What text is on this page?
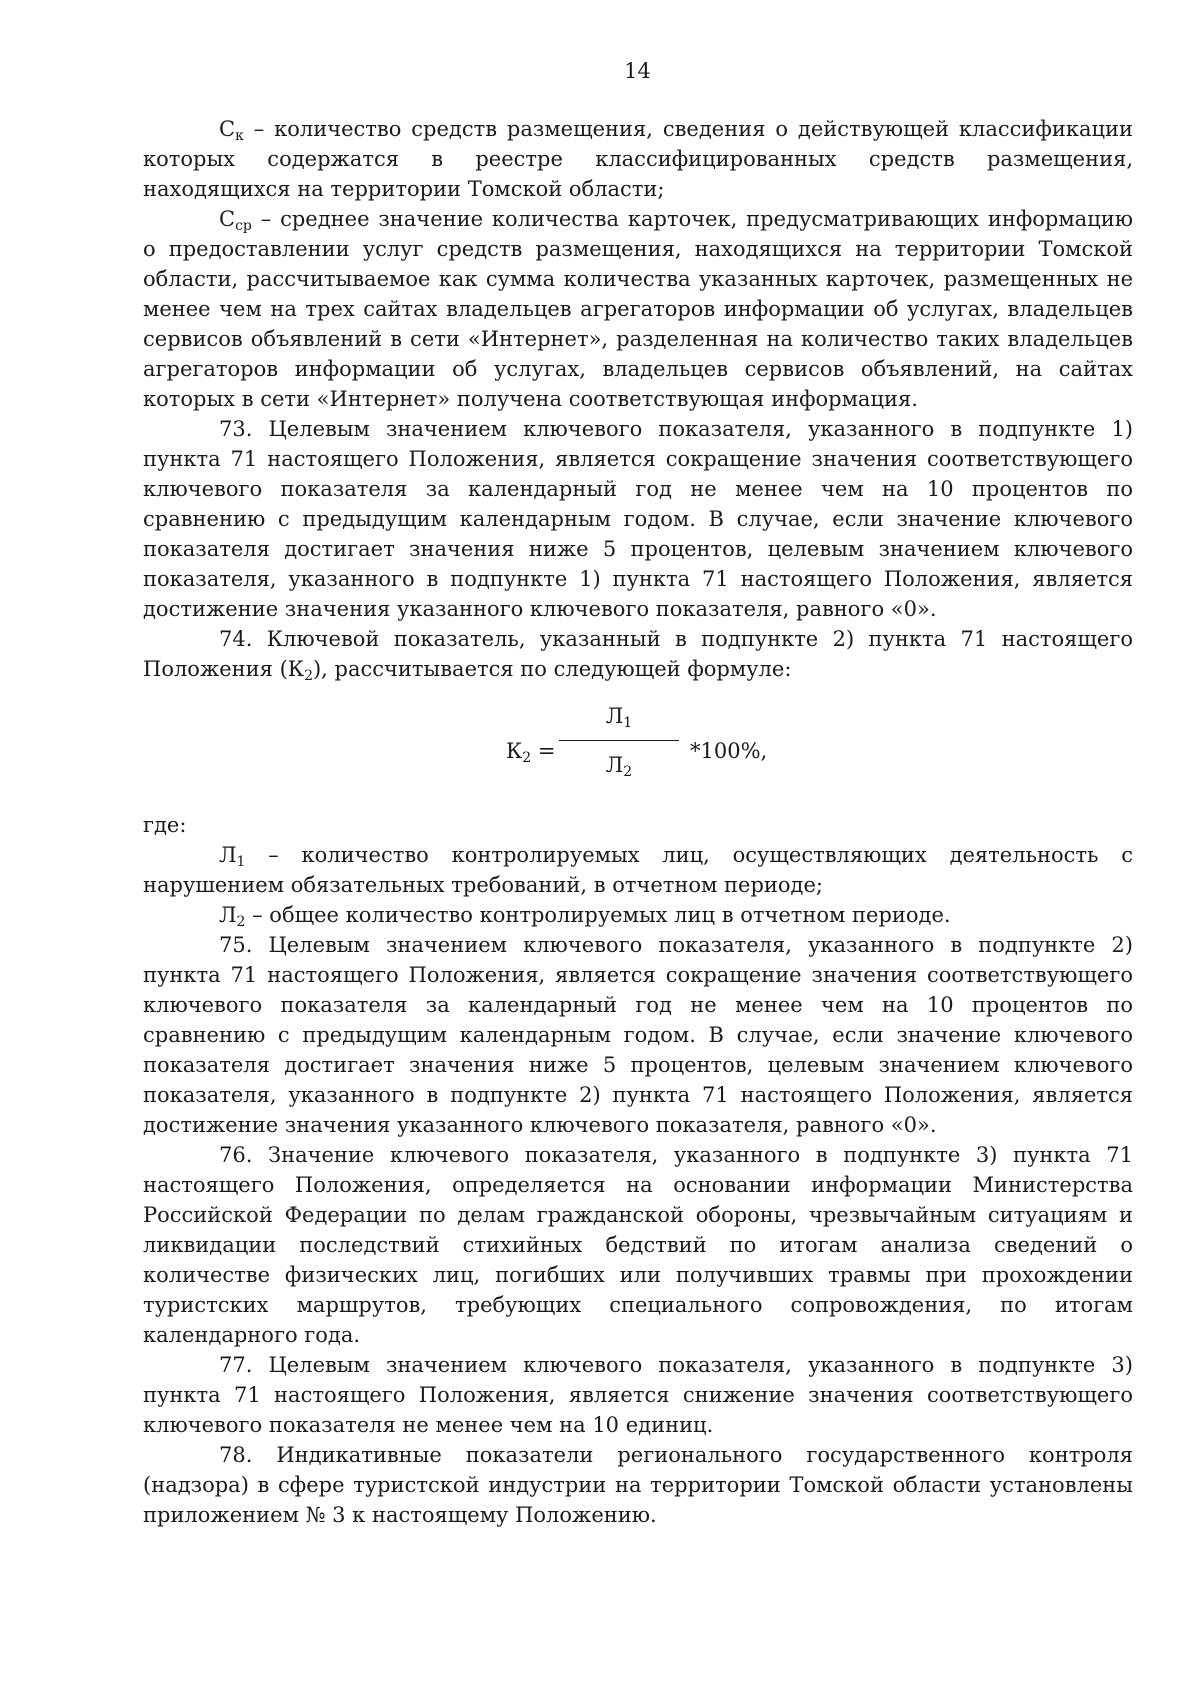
14

$С_к$ – количество средств размещения, сведения о действующей классификации которых содержатся в реестре классифицированных средств размещения, находящихся на территории Томской области;

$С_{ср}$ – среднее значение количества карточек, предусматривающих информацию о предоставлении услуг средств размещения, находящихся на территории Томской области, рассчитываемое как сумма количества указанных карточек, размещенных не менее чем на трех сайтах владельцев агрегаторов информации об услугах, владельцев сервисов объявлений в сети «Интернет», разделенная на количество таких владельцев агрегаторов информации об услугах, владельцев сервисов объявлений, на сайтах которых в сети «Интернет» получена соответствующая информация.

73. Целевым значением ключевого показателя, указанного в подпункте 1) пункта 71 настоящего Положения, является сокращение значения соответствующего ключевого показателя за календарный год не менее чем на 10 процентов по сравнению с предыдущим календарным годом. В случае, если значение ключевого показателя достигает значения ниже 5 процентов, целевым значением ключевого показателя, указанного в подпункте 1) пункта 71 настоящего Положения, является достижение значения указанного ключевого показателя, равного «0».

74. Ключевой показатель, указанный в подпункте 2) пункта 71 настоящего Положения $(К_2)$, рассчитывается по следующей формуле:

$К_2$ =
$Л_1$
$Л_2$
*100%,

где:

$Л_1$ – количество контролируемых лиц, осуществляющих деятельность с нарушением обязательных требований, в отчетном периоде;

$Л_2$ – общее количество контролируемых лиц в отчетном периоде.

75. Целевым значением ключевого показателя, указанного в подпункте 2) пункта 71 настоящего Положения, является сокращение значения соответствующего ключевого показателя за календарный год не менее чем на 10 процентов по сравнению с предыдущим календарным годом. В случае, если значение ключевого показателя достигает значения ниже 5 процентов, целевым значением ключевого показателя, указанного в подпункте 2) пункта 71 настоящего Положения, является достижение значения указанного ключевого показателя, равного «0».

76. Значение ключевого показателя, указанного в подпункте 3) пункта 71 настоящего Положения, определяется на основании информации Министерства Российской Федерации по делам гражданской обороны, чрезвычайным ситуациям и ликвидации последствий стихийных бедствий по итогам анализа сведений о количестве физических лиц, погибших или получивших травмы при прохождении туристских маршрутов, требующих специального сопровождения, по итогам календарного года.

77. Целевым значением ключевого показателя, указанного в подпункте 3) пункта 71 настоящего Положения, является снижение значения соответствующего ключевого показателя не менее чем на 10 единиц.

78. Индикативные показатели регионального государственного контроля (надзора) в сфере туристской индустрии на территории Томской области установлены приложением № 3 к настоящему Положению.
